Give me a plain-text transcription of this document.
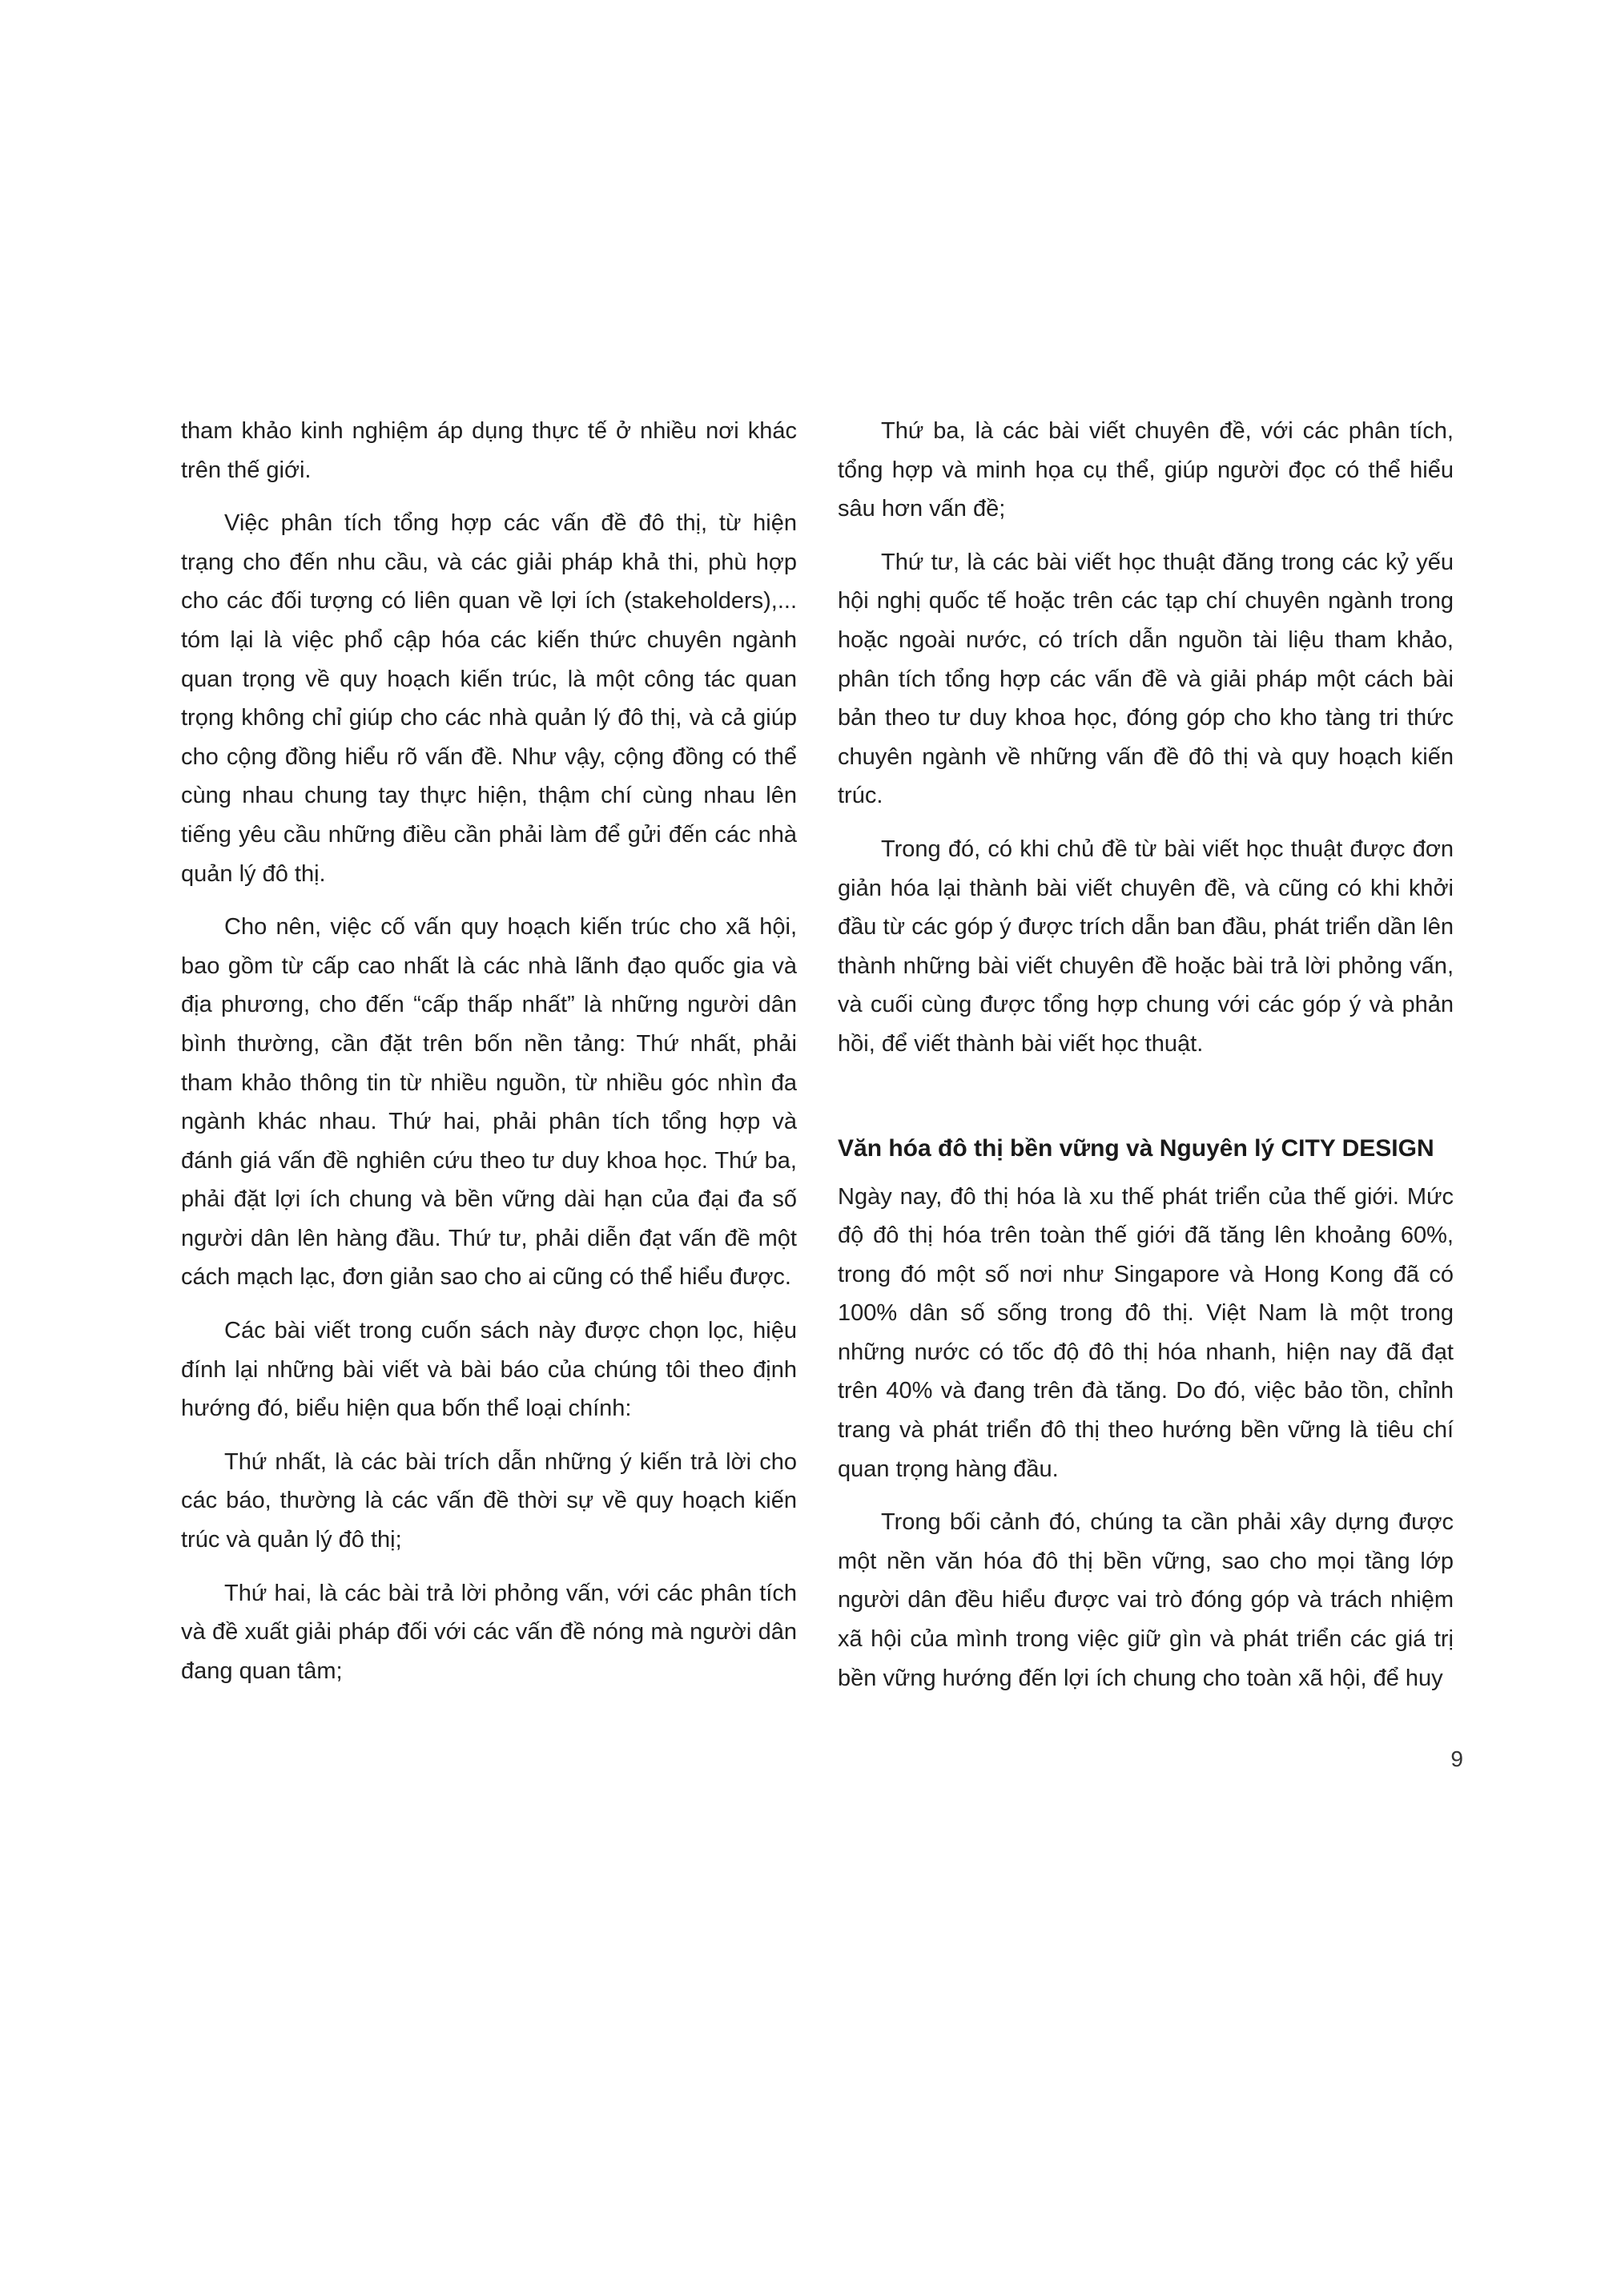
tham khảo kinh nghiệm áp dụng thực tế ở nhiều nơi khác trên thế giới.

Việc phân tích tổng hợp các vấn đề đô thị, từ hiện trạng cho đến nhu cầu, và các giải pháp khả thi, phù hợp cho các đối tượng có liên quan về lợi ích (stakeholders),... tóm lại là việc phổ cập hóa các kiến thức chuyên ngành quan trọng về quy hoạch kiến trúc, là một công tác quan trọng không chỉ giúp cho các nhà quản lý đô thị, và cả giúp cho cộng đồng hiểu rõ vấn đề. Như vậy, cộng đồng có thể cùng nhau chung tay thực hiện, thậm chí cùng nhau lên tiếng yêu cầu những điều cần phải làm để gửi đến các nhà quản lý đô thị.

Cho nên, việc cố vấn quy hoạch kiến trúc cho xã hội, bao gồm từ cấp cao nhất là các nhà lãnh đạo quốc gia và địa phương, cho đến “cấp thấp nhất” là những người dân bình thường, cần đặt trên bốn nền tảng: Thứ nhất, phải tham khảo thông tin từ nhiều nguồn, từ nhiều góc nhìn đa ngành khác nhau. Thứ hai, phải phân tích tổng hợp và đánh giá vấn đề nghiên cứu theo tư duy khoa học. Thứ ba, phải đặt lợi ích chung và bền vững dài hạn của đại đa số người dân lên hàng đầu. Thứ tư, phải diễn đạt vấn đề một cách mạch lạc, đơn giản sao cho ai cũng có thể hiểu được.

Các bài viết trong cuốn sách này được chọn lọc, hiệu đính lại những bài viết và bài báo của chúng tôi theo định hướng đó, biểu hiện qua bốn thể loại chính:

Thứ nhất, là các bài trích dẫn những ý kiến trả lời cho các báo, thường là các vấn đề thời sự về quy hoạch kiến trúc và quản lý đô thị;

Thứ hai, là các bài trả lời phỏng vấn, với các phân tích và đề xuất giải pháp đối với các vấn đề nóng mà người dân đang quan tâm;

Thứ ba, là các bài viết chuyên đề, với các phân tích, tổng hợp và minh họa cụ thể, giúp người đọc có thể hiểu sâu hơn vấn đề;

Thứ tư, là các bài viết học thuật đăng trong các kỷ yếu hội nghị quốc tế hoặc trên các tạp chí chuyên ngành trong hoặc ngoài nước, có trích dẫn nguồn tài liệu tham khảo, phân tích tổng hợp các vấn đề và giải pháp một cách bài bản theo tư duy khoa học, đóng góp cho kho tàng tri thức chuyên ngành về những vấn đề đô thị và quy hoạch kiến trúc.

Trong đó, có khi chủ đề từ bài viết học thuật được đơn giản hóa lại thành bài viết chuyên đề, và cũng có khi khởi đầu từ các góp ý được trích dẫn ban đầu, phát triển dần lên thành những bài viết chuyên đề hoặc bài trả lời phỏng vấn, và cuối cùng được tổng hợp chung với các góp ý và phản hồi, để viết thành bài viết học thuật.

Văn hóa đô thị bền vững và Nguyên lý CITY DESIGN

Ngày nay, đô thị hóa là xu thế phát triển của thế giới. Mức độ đô thị hóa trên toàn thế giới đã tăng lên khoảng 60%, trong đó một số nơi như Singapore và Hong Kong đã có 100% dân số sống trong đô thị. Việt Nam là một trong những nước có tốc độ đô thị hóa nhanh, hiện nay đã đạt trên 40% và đang trên đà tăng. Do đó, việc bảo tồn, chỉnh trang và phát triển đô thị theo hướng bền vững là tiêu chí quan trọng hàng đầu.

Trong bối cảnh đó, chúng ta cần phải xây dựng được một nền văn hóa đô thị bền vững, sao cho mọi tầng lớp người dân đều hiểu được vai trò đóng góp và trách nhiệm xã hội của mình trong việc giữ gìn và phát triển các giá trị bền vững hướng đến lợi ích chung cho toàn xã hội, để huy

9
